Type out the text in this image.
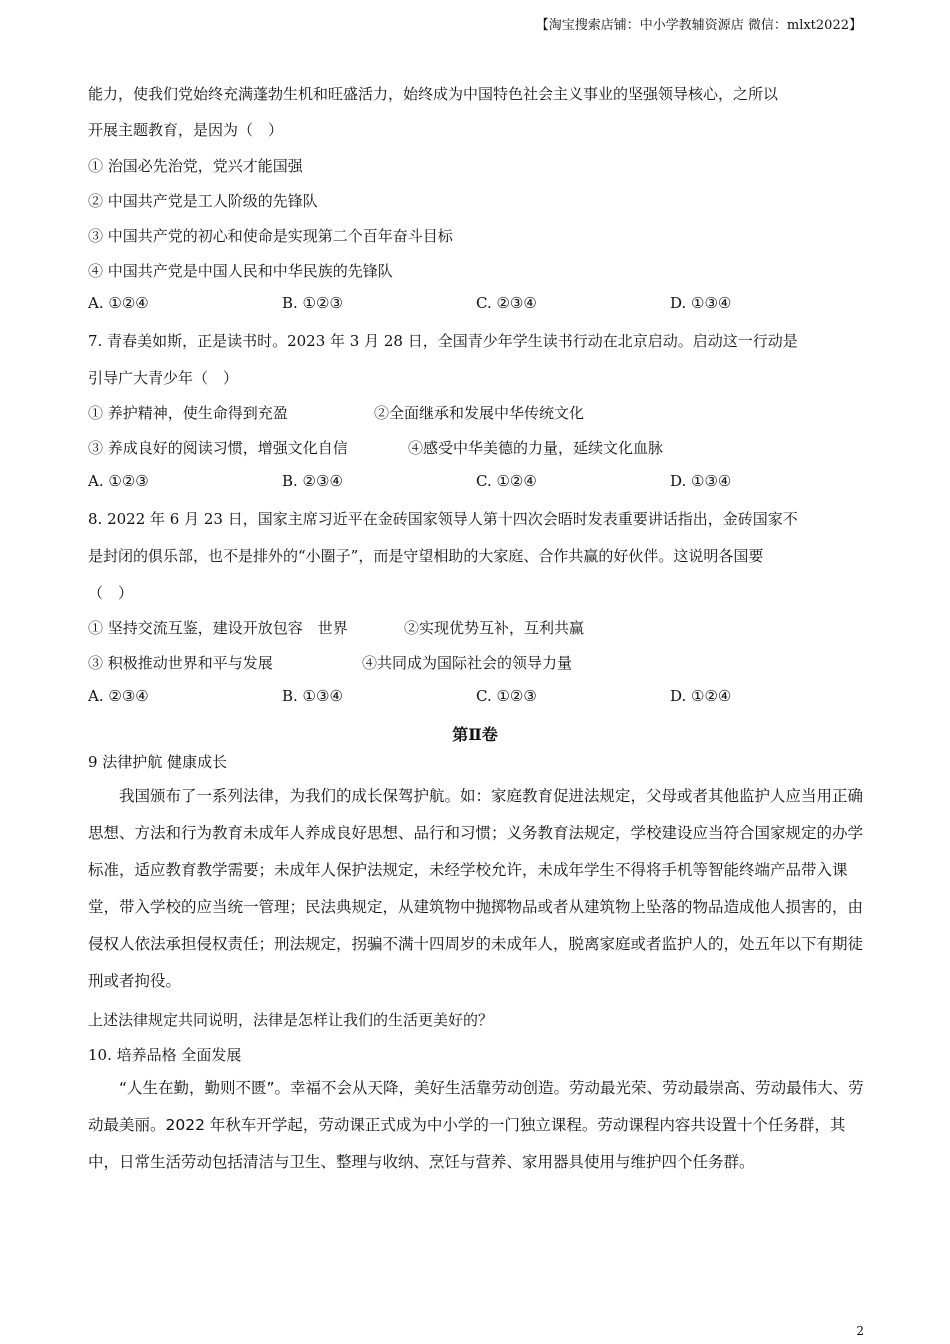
【淘宝搜索店铺：中小学教辅资源店 微信：mlxt2022】
能力，使我们党始终充满蓬勃生机和旺盛活力，始终成为中国特色社会主义事业的坚强领导核心，之所以
开展主题教育，是因为（　）
① 治国必先治党，党兴才能国强
② 中国共产党是工人阶级的先锋队
③ 中国共产党的初心和使命是实现第二个百年奋斗目标
④ 中国共产党是中国人民和中华民族的先锋队
A. ①②④	B. ①②③	C. ②③④	D. ①③④
7. 青春美如斯，正是读书时。2023 年 3 月 28 日，全国青少年学生读书行动在北京启动。启动这一行动是
引导广大青少年（　）
① 养护精神，使生命得到充盈	②全面继承和发展中华传统文化
③ 养成良好的阅读习惯，增强文化自信	④感受中华美德的力量，延续文化血脉
A. ①②③	B. ②③④	C. ①②④	D. ①③④
8. 2022 年 6 月 23 日，国家主席习近平在金砖国家领导人第十四次会晤时发表重要讲话指出，金砖国家不
是封闭的俱乐部，也不是排外的“小圈子”，而是守望相助的大家庭、合作共赢的好伙伴。这说明各国要
（　）
① 坚持交流互鉴，建设开放包容　世界	②实现优势互补，互利共赢
③ 积极推动世界和平与发展	④共同成为国际社会的领导力量
A. ②③④	B. ①③④	C. ①②③	D. ①②④
第Ⅱ卷
9 法律护航 健康成长
我国颁布了一系列法律，为我们的成长保驾护航。如：家庭教育促进法规定，父母或者其他监护人应当用正确思想、方法和行为教育未成年人养成良好思想、品行和习惯；义务教育法规定，学校建设应当符合国家规定的办学标准，适应教育教学需要；未成年人保护法规定，未经学校允许，未成年学生不得将手机等智能终端产品带入课堂，带入学校的应当统一管理；民法典规定，从建筑物中抛掷物品或者从建筑物上坠落的物品造成他人损害的，由侵权人依法承担侵权责任；刑法规定，拐骗不满十四周岁的未成年人，脱离家庭或者监护人的，处五年以下有期徒刑或者拘役。
上述法律规定共同说明，法律是怎样让我们的生活更美好的？
10. 培养品格 全面发展
“人生在勤，勤则不匮”。幸福不会从天降，美好生活靠劳动创造。劳动最光荣、劳动最崇高、劳动最伟大、劳动最美丽。2022 年秋车开学起，劳动课正式成为中小学的一门独立课程。劳动课程内容共设置十个任务群，其中，日常生活劳动包括清洁与卫生、整理与收纳、烹饪与营养、家用器具使用与维护四个任务群。
2
